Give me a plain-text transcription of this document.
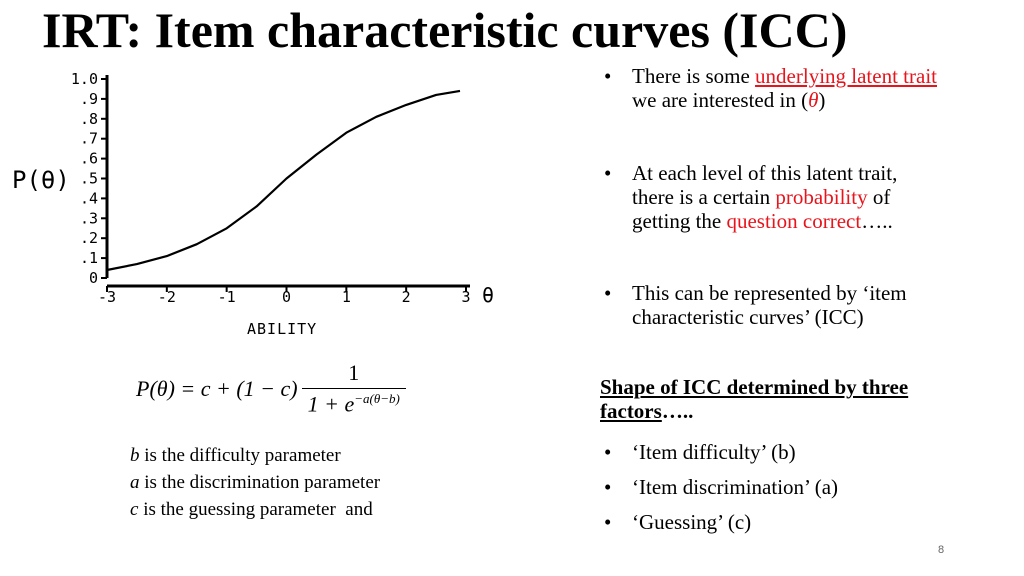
IRT: Item characteristic curves (ICC)
P(θ)
ABILITY
θ
0
.1
.2
.3
.4
.5
.6
.7
.8
.9
1.0
-3	-2	-1	0	1	2	3
$P(\theta) = c + (1 - c) \frac{1}{1 + e^{-a(\theta-b)}}$
b is the difficulty parameter
a is the discrimination parameter
c is the guessing parameter  and
• There is some underlying latent trait
we are interested in (θ)
• At each level of this latent trait,
there is a certain probability of
getting the question correct…..
• This can be represented by ‘item
characteristic curves’ (ICC)
Shape of ICC determined by three
factors…..
• ‘Item difficulty’ (b)
• ‘Item discrimination’ (a)
• ‘Guessing’ (c)
8
